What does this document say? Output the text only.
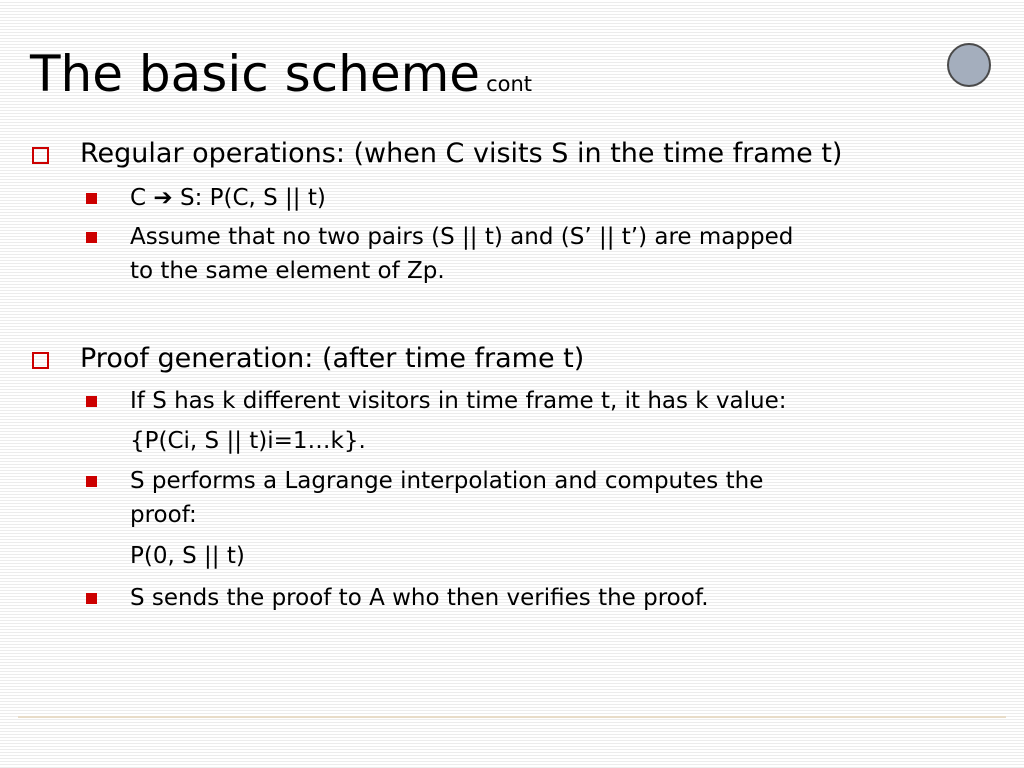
The basic scheme cont
Regular operations: (when C visits S in the time frame t)
C ➔ S: P(C, S || t)
Assume that no two pairs (S || t) and (S’ || t’) are mapped
to the same element of Zp.
Proof generation: (after time frame t)
If S has k different visitors in time frame t, it has k value:
{P(Ci, S || t)i=1…k}.
S performs a Lagrange interpolation and computes the
proof:
P(0, S || t)
S sends the proof to A who then verifies the proof.
